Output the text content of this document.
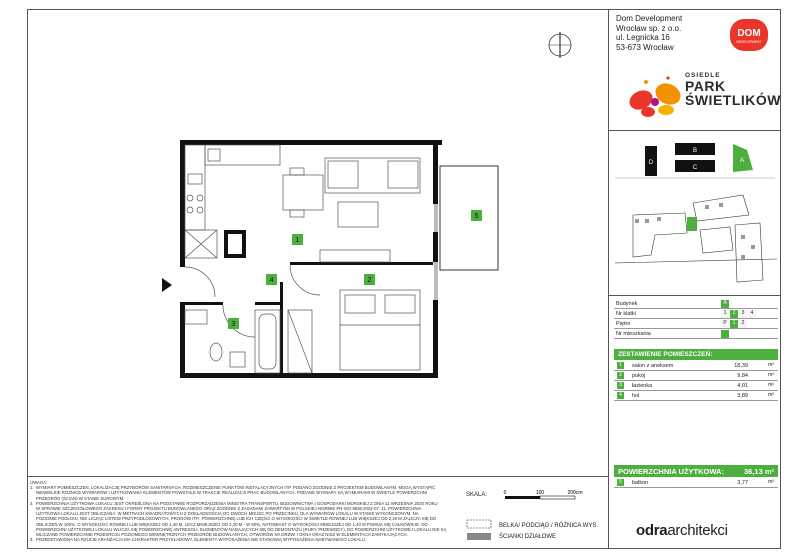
1
2
3
4
5
Dom Development
Wrocław sp. z o.o.
ul. Legnicka 16
53-673 Wrocław
DOM
DEVELOPMENT
OSIEDLE
PARK
ŚWIETLIKÓW
D
B
C
A
Budynek	A
Nr klatki	1	2	3	4
Piętro	P	1	2
Nr mieszkania
ZESTAWIENIE POMIESZCZEŃ:
1	salon z aneksem	18,39	m²
2	pokój	9,84	m²
3	łazienka	4,01	m²
4	hol	3,89	m²
POWIERZCHNIA UŻYTKOWA:	36,13 m²
5	balkon	3,77	m²
UWAGA:
1.  WYMIARY POMIESZCZEŃ, LOKALIZACJĘ PRZYBORÓW SANITARNYCH, ROZMIESZCZENIE PUNKTÓW INSTALACYJNYCH ITP. PODANO ZGODNIE Z PROJEKTEM BUDOWLANYM. MOGĄ WYSTĄPIĆ
NIEWIELKIE RÓŻNICE WYMIARÓW I UŻYTKOWANIA ELEMENTÓW POWSTAŁE W TRAKCIE REALIZACJI PRAC BUDOWLANYCH. PODANE WYMIARY SĄ WYMIARAMI W ŚWIETLE POWIERZCHNI
PRZEGRÓD (ŚCIAN) W STANIE SUROWYM.
2.  POWIERZCHNIA UŻYTKOWA LOKALU JEST OKREŚLONA NA PODSTAWIE ROZPORZĄDZENIA MINISTRA TRANSPORTU, BUDOWNICTWA I GOSPODARKI MORSKIEJ Z DNIA 11 WRZEŚNIA 2020 ROKU
W SPRAWIE SZCZEGÓŁOWEGO ZAKRESU I FORMY PROJEKTU BUDOWLANEGO ORAZ ZGODNIE Z ZASADAMI ZAWARTYMI W POLSKIEJ NORMIE PN-ISO 9836:2022-07. 11. POWIERZCHNIA
UŻYTKOWA LOKALU JEST OBLICZANA: W METRACH KWADRATOWYCH Z DOKŁADNOŚCIĄ DO DWÓCH MIEJSC PO PRZECINKU, DLA WYMIARÓW LOKALU W STANIE WYKOŃCZONYM, NA
POZIOMIE PODŁOGI, NIE LICZĄC LISTEW PRZYPODŁOGOWYCH, PROGÓW ITP.; POWIERZCHNIĘ LUB ICH CZĘŚCI O WYSOKOŚCI W ŚWIETLE ROWNEJ LUB WIĘKSZEJ OD 2,20 M ZALICZA SIĘ DO
OBLICZEŃ W 100%, O WYSOKOŚCI RÓWNEJ LUB WIĘKSZEJ OD 1,40 M, LECZ MNIEJSZEJ OD 2,20 M - W 50%, NATOMIAST O WYSOKOŚCI MNIEJSZEJ OD 1,40 M POMIJA SIĘ CAŁKOWICIE. DO
POWIERZCHNI UŻYTKOWEJ LOKALU WLICZA SIĘ POWIERZCHNIĘ ANTRESOLI, ELEMENTÓW NADAJĄCYCH SIĘ DO DEMONTAŻU (RURY, PRZEWODY), DO POWIERZCHNI UŻYTKOWEJ LOKALU NIE SĄ
WLICZANE POWIERZCHNIE PRZEKROJU POZIOMEGO WEWNĘTRZNYCH PRZEGRÓD BUDOWLANYCH, OTWORÓW NA DRZWI I OKNA ORAZ NISZ W ELEMENTACH ZAMYKAJĄCYCH.
3.  PRZEDSTAWIONA NA RZUCIE ARANŻACJA MA CHARAKTER PRZYKŁADOWY, ELEMENTY WYPOSAŻENIA NIE STANOWIĄ WYPOSAŻENIA NABYWANEGO LOKALU.
SKALA:	0	100	200cm
BELKA/ PODCIĄG / RÓŻNICA WYS.
ŚCIANKI DZIAŁOWE	odraarchitekci
